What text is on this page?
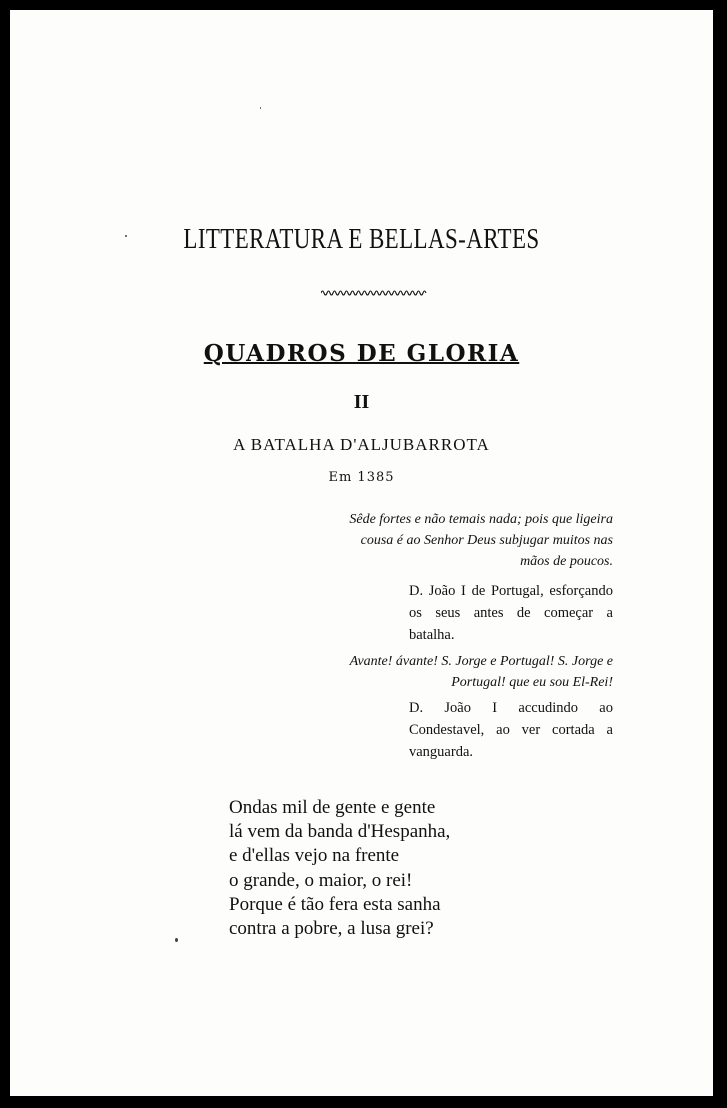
LITTERATURA E BELLAS-ARTES
QUADROS DE GLORIA
II
A BATALHA D'ALJUBARROTA
Em 1385
Sêde fortes e não temais nada; pois que ligeira cousa é ao Senhor Deus subjugar muitos nas mãos de poucos.
D. João I de Portugal, esforçando os seus antes de começar a batalha.
Avante! ávante! S. Jorge e Portugal! S. Jorge e Portugal! que eu sou El-Rei!
D. João I accudindo ao Condestavel, ao ver cortada a vanguarda.
Ondas mil de gente e gente
lá vem da banda d'Hespanha,
e d'ellas vejo na frente
o grande, o maior, o rei!
Porque é tão fera esta sanha
contra a pobre, a lusa grei?
